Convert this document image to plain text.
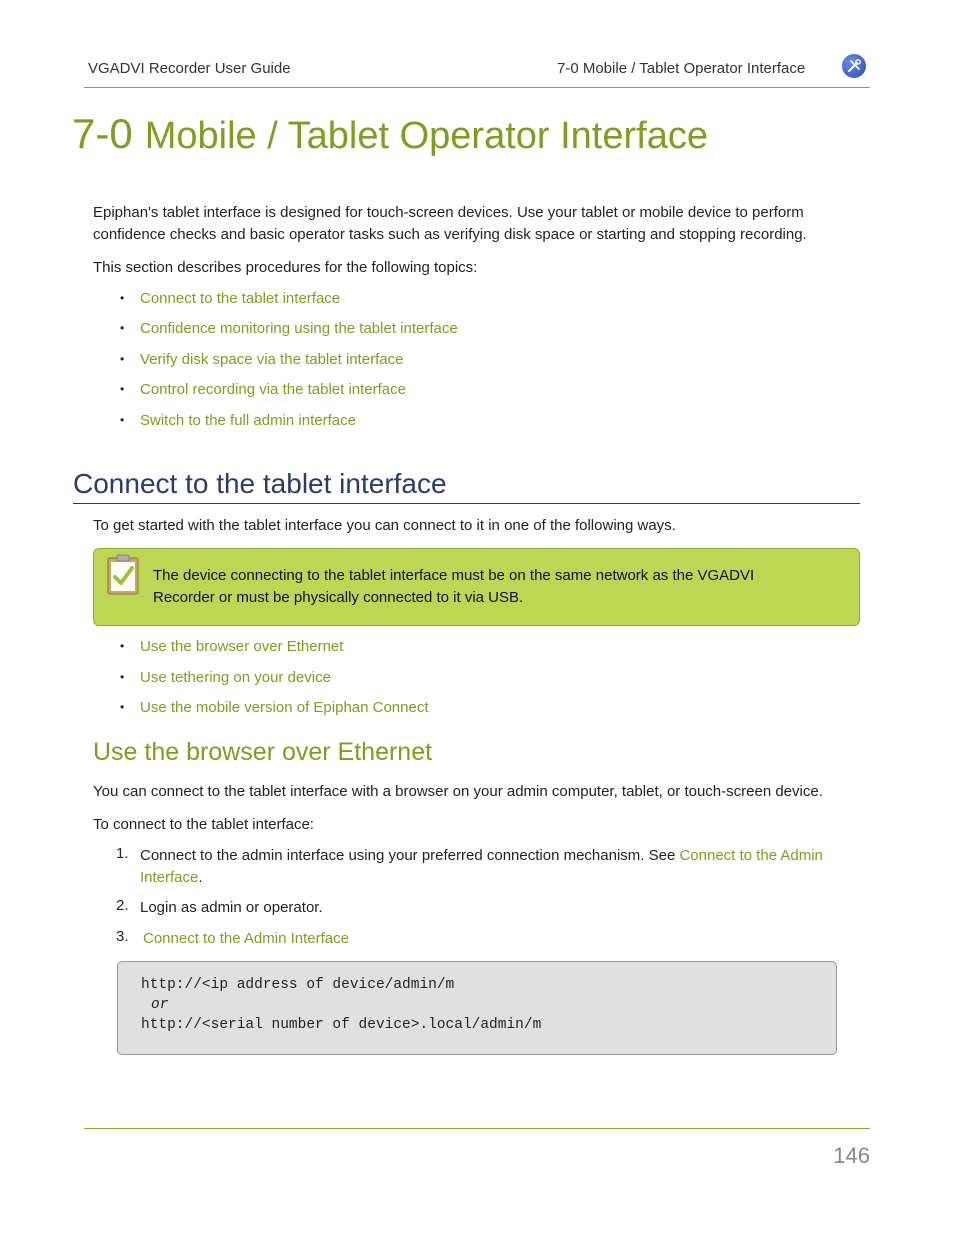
VGADVI Recorder User Guide	7-0 Mobile / Tablet Operator Interface
7-0 Mobile / Tablet Operator Interface
Epiphan's tablet interface is designed for touch-screen devices. Use your tablet or mobile device to perform
confidence checks and basic operator tasks such as verifying disk space or starting and stopping recording.
This section describes procedures for the following topics:
• Connect to the tablet interface
• Confidence monitoring using the tablet interface
• Verify disk space via the tablet interface
• Control recording via the tablet interface
• Switch to the full admin interface
Connect to the tablet interface
To get started with the tablet interface you can connect to it in one of the following ways.
The device connecting to the tablet interface must be on the same network as the VGADVI
Recorder or must be physically connected to it via USB.
• Use the browser over Ethernet
• Use tethering on your device
• Use the mobile version of Epiphan Connect
Use the browser over Ethernet
You can connect to the tablet interface with a browser on your admin computer, tablet, or touch-screen device.
To connect to the tablet interface:
1. Connect to the admin interface using your preferred connection mechanism. See Connect to the Admin
Interface.
2. Login as admin or operator.
3. Connect to the Admin Interface
http://<ip address of device/admin/m
or
http://<serial number of device>.local/admin/m
146
